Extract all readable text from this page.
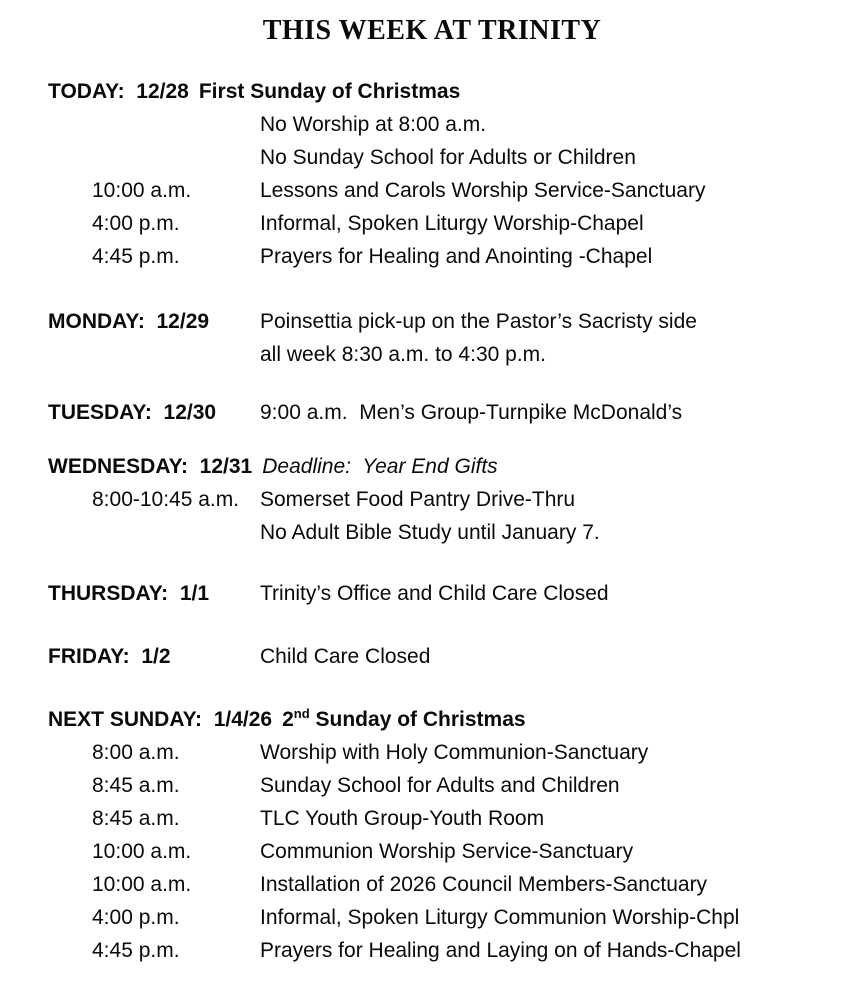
THIS WEEK AT TRINITY
TODAY:  12/28 First Sunday of Christmas
No Worship at 8:00 a.m.
No Sunday School for Adults or Children
10:00 a.m.	Lessons and Carols Worship Service-Sanctuary
4:00 p.m.	Informal, Spoken Liturgy Worship-Chapel
4:45 p.m.	Prayers for Healing and Anointing -Chapel
MONDAY:  12/29	Poinsettia pick-up on the Pastor’s Sacristy side
all week 8:30 a.m. to 4:30 p.m.
TUESDAY:  12/30	9:00 a.m.  Men’s Group-Turnpike McDonald’s
WEDNESDAY:  12/31 Deadline:  Year End Gifts
8:00-10:45 a.m. Somerset Food Pantry Drive-Thru
No Adult Bible Study until January 7.
THURSDAY:  1/1	Trinity’s Office and Child Care Closed
FRIDAY:  1/2	Child Care Closed
NEXT SUNDAY:  1/4/26 2nd Sunday of Christmas
8:00 a.m.	Worship with Holy Communion-Sanctuary
8:45 a.m.	Sunday School for Adults and Children
8:45 a.m.	TLC Youth Group-Youth Room
10:00 a.m.	Communion Worship Service-Sanctuary
10:00 a.m.	Installation of 2026 Council Members-Sanctuary
4:00 p.m.	Informal, Spoken Liturgy Communion Worship-Chpl
4:45 p.m.	Prayers for Healing and Laying on of Hands-Chapel
